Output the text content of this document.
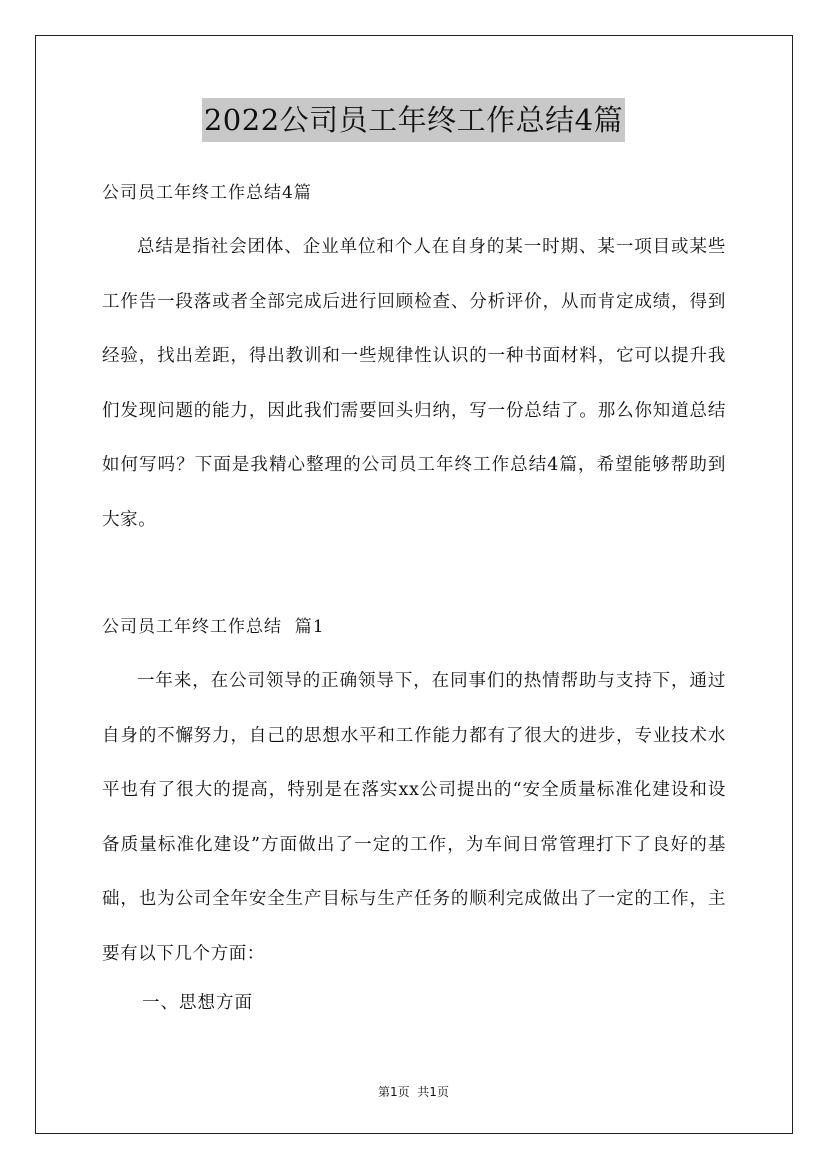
2022公司员工年终工作总结4篇
公司员工年终工作总结4篇

总结是指社会团体、企业单位和个人在自身的某一时期、某一项目或某些工作告一段落或者全部完成后进行回顾检查、分析评价，从而肯定成绩，得到经验，找出差距，得出教训和一些规律性认识的一种书面材料，它可以提升我们发现问题的能力，因此我们需要回头归纳，写一份总结了。那么你知道总结如何写吗？下面是我精心整理的公司员工年终工作总结4篇，希望能够帮助到大家。

公司员工年终工作总结  篇1

一年来，在公司领导的正确领导下，在同事们的热情帮助与支持下，通过自身的不懈努力，自己的思想水平和工作能力都有了很大的进步，专业技术水平也有了很大的提高，特别是在落实xx公司提出的“安全质量标准化建设和设备质量标准化建设”方面做出了一定的工作，为车间日常管理打下了良好的基础，也为公司全年安全生产目标与生产任务的顺利完成做出了一定的工作，主要有以下几个方面：

一、思想方面
第1页  共1页
